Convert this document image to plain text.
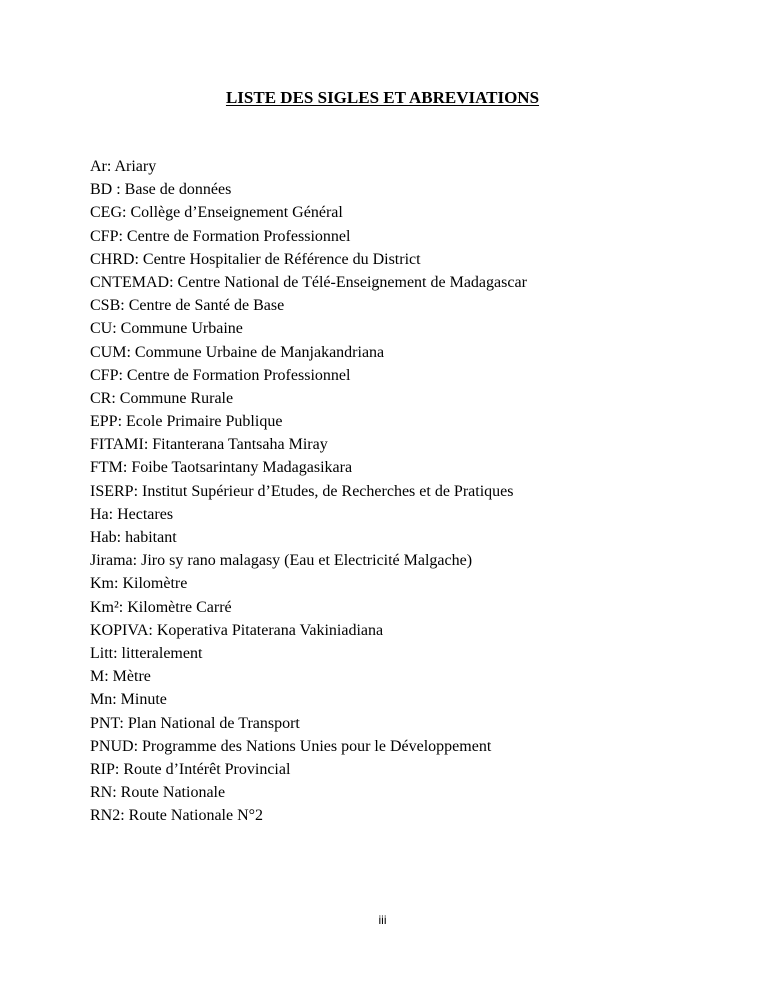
LISTE DES SIGLES ET ABREVIATIONS
Ar: Ariary
BD : Base de données
CEG: Collège d’Enseignement Général
CFP: Centre de Formation Professionnel
CHRD: Centre Hospitalier de Référence du District
CNTEMAD: Centre National de Télé-Enseignement de Madagascar
CSB: Centre de Santé de Base
CU: Commune Urbaine
CUM: Commune Urbaine de Manjakandriana
CFP: Centre de Formation Professionnel
CR: Commune Rurale
EPP: Ecole Primaire Publique
FITAMI: Fitanterana Tantsaha Miray
FTM: Foibe Taotsarintany Madagasikara
ISERP: Institut Supérieur d’Etudes, de Recherches et de Pratiques
Ha: Hectares
Hab: habitant
Jirama: Jiro sy rano malagasy (Eau et Electricité Malgache)
Km: Kilomètre
Km²: Kilomètre Carré
KOPIVA: Koperativa Pitaterana Vakiniadiana
Litt: litteralement
M: Mètre
Mn: Minute
PNT: Plan National de Transport
PNUD: Programme des Nations Unies pour le Développement
RIP: Route d’Intérêt Provincial
RN: Route Nationale
RN2: Route Nationale N°2
iii
